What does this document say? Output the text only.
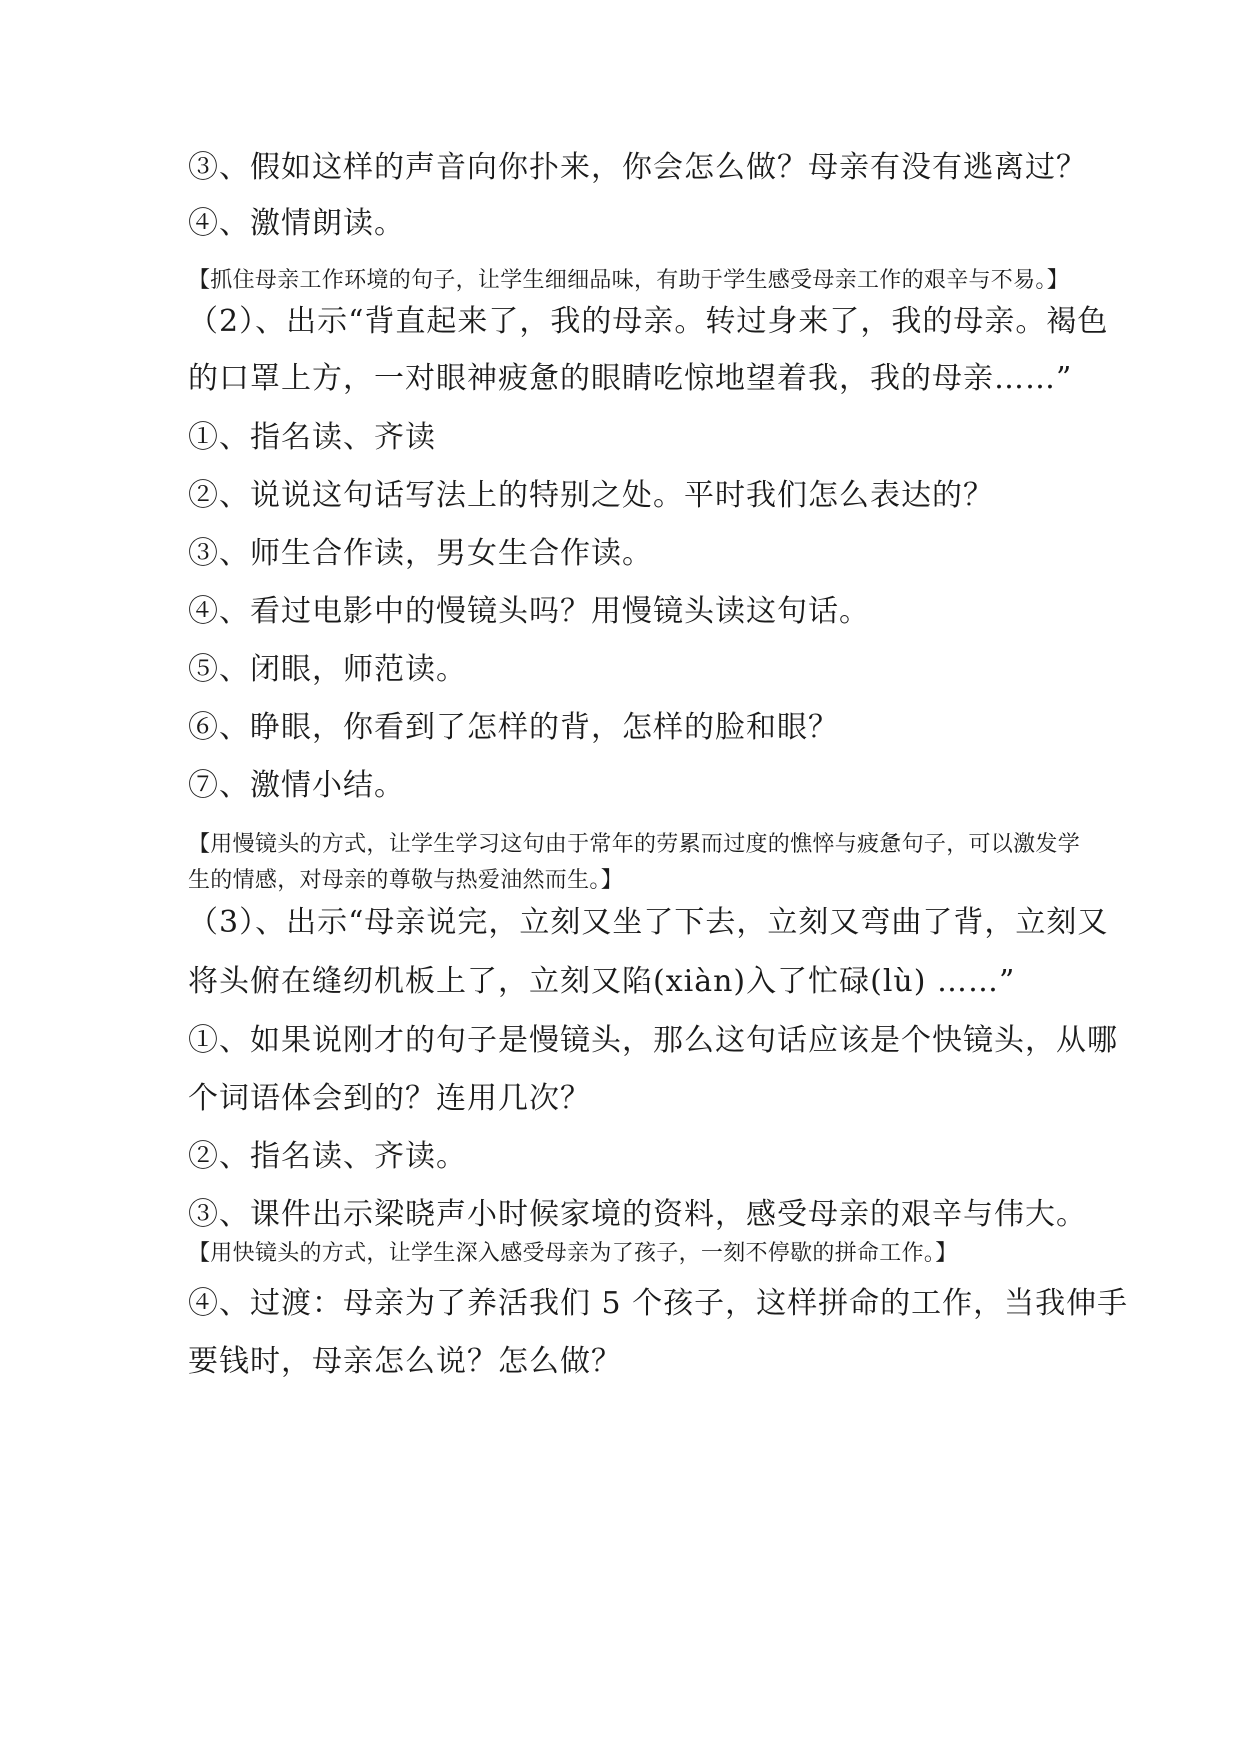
③、假如这样的声音向你扑来，你会怎么做？母亲有没有逃离过？
④、激情朗读。
【抓住母亲工作环境的句子，让学生细细品味，有助于学生感受母亲工作的艰辛与不易。】
（2）、出示“背直起来了，我的母亲。转过身来了，我的母亲。褐色
的口罩上方，一对眼神疲惫的眼睛吃惊地望着我，我的母亲……”
①、指名读、齐读
②、说说这句话写法上的特别之处。平时我们怎么表达的？
③、师生合作读，男女生合作读。
④、看过电影中的慢镜头吗？用慢镜头读这句话。
⑤、闭眼，师范读。
⑥、睁眼，你看到了怎样的背，怎样的脸和眼？
⑦、激情小结。
【用慢镜头的方式，让学生学习这句由于常年的劳累而过度的憔悴与疲惫句子，可以激发学
生的情感，对母亲的尊敬与热爱油然而生。】
（3）、出示“母亲说完，立刻又坐了下去，立刻又弯曲了背，立刻又
将头俯在缝纫机板上了，立刻又陷(xiàn)入了忙碌(lù) ……”
①、如果说刚才的句子是慢镜头，那么这句话应该是个快镜头，从哪
个词语体会到的？连用几次？
②、指名读、齐读。
③、课件出示梁晓声小时候家境的资料，感受母亲的艰辛与伟大。
【用快镜头的方式，让学生深入感受母亲为了孩子，一刻不停歇的拼命工作。】
④、过渡：母亲为了养活我们 5 个孩子，这样拼命的工作，当我伸手
要钱时，母亲怎么说？怎么做？
